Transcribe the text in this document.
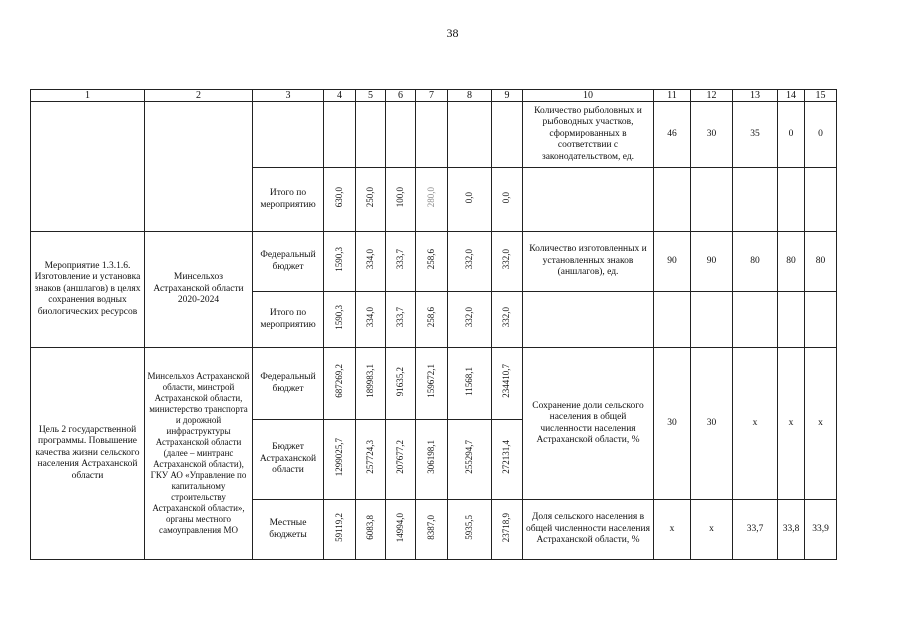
38
1	2	3	4	5	6	7	8	9	10	11	12	13	14	15
									Количество рыболовных и рыбоводных участков, сформированных в соответствии с законодательством, ед.	46	30	35	0	0
		Итого по мероприятию	630,0	250,0	100,0	280,0	0,0	0,0						
Мероприятие 1.3.1.6. Изготовление и установка знаков (аншлагов) в целях сохранения водных биологических ресурсов	Минсельхоз Астраханской области 2020-2024	Федеральный бюджет	1590,3	334,0	333,7	258,6	332,0	332,0	Количество изготовленных и установленных знаков (аншлагов), ед.	90	90	80	80	80
		Итого по мероприятию	1590,3	334,0	333,7	258,6	332,0	332,0						
Цель 2 государственной программы. Повышение качества жизни сельского населения Астраханской области	Минсельхоз Астраханской области, минстрой Астраханской области, министерство транспорта и дорожной инфраструктуры Астраханской области (далее – минтранс Астраханской области), ГКУ АО «Управление по капитальному строительству Астраханской области», органы местного самоуправления МО	Федеральный бюджет	687269,2	189983,1	91635,2	159672,1	11568,1	234410,7	Сохранение доли сельского населения в общей численности населения Астраханской области, %	30	30	х	х	х
		Бюджет Астраханской области	1299025,7	257724,3	207677,2	306198,1	255294,7	272131,4						
		Местные бюджеты	59119,2	6083,8	14994,0	8387,0	5935,5	23718,9	Доля сельского населения в общей численности населения Астраханской области, %	х	х	33,7	33,8	33,9
